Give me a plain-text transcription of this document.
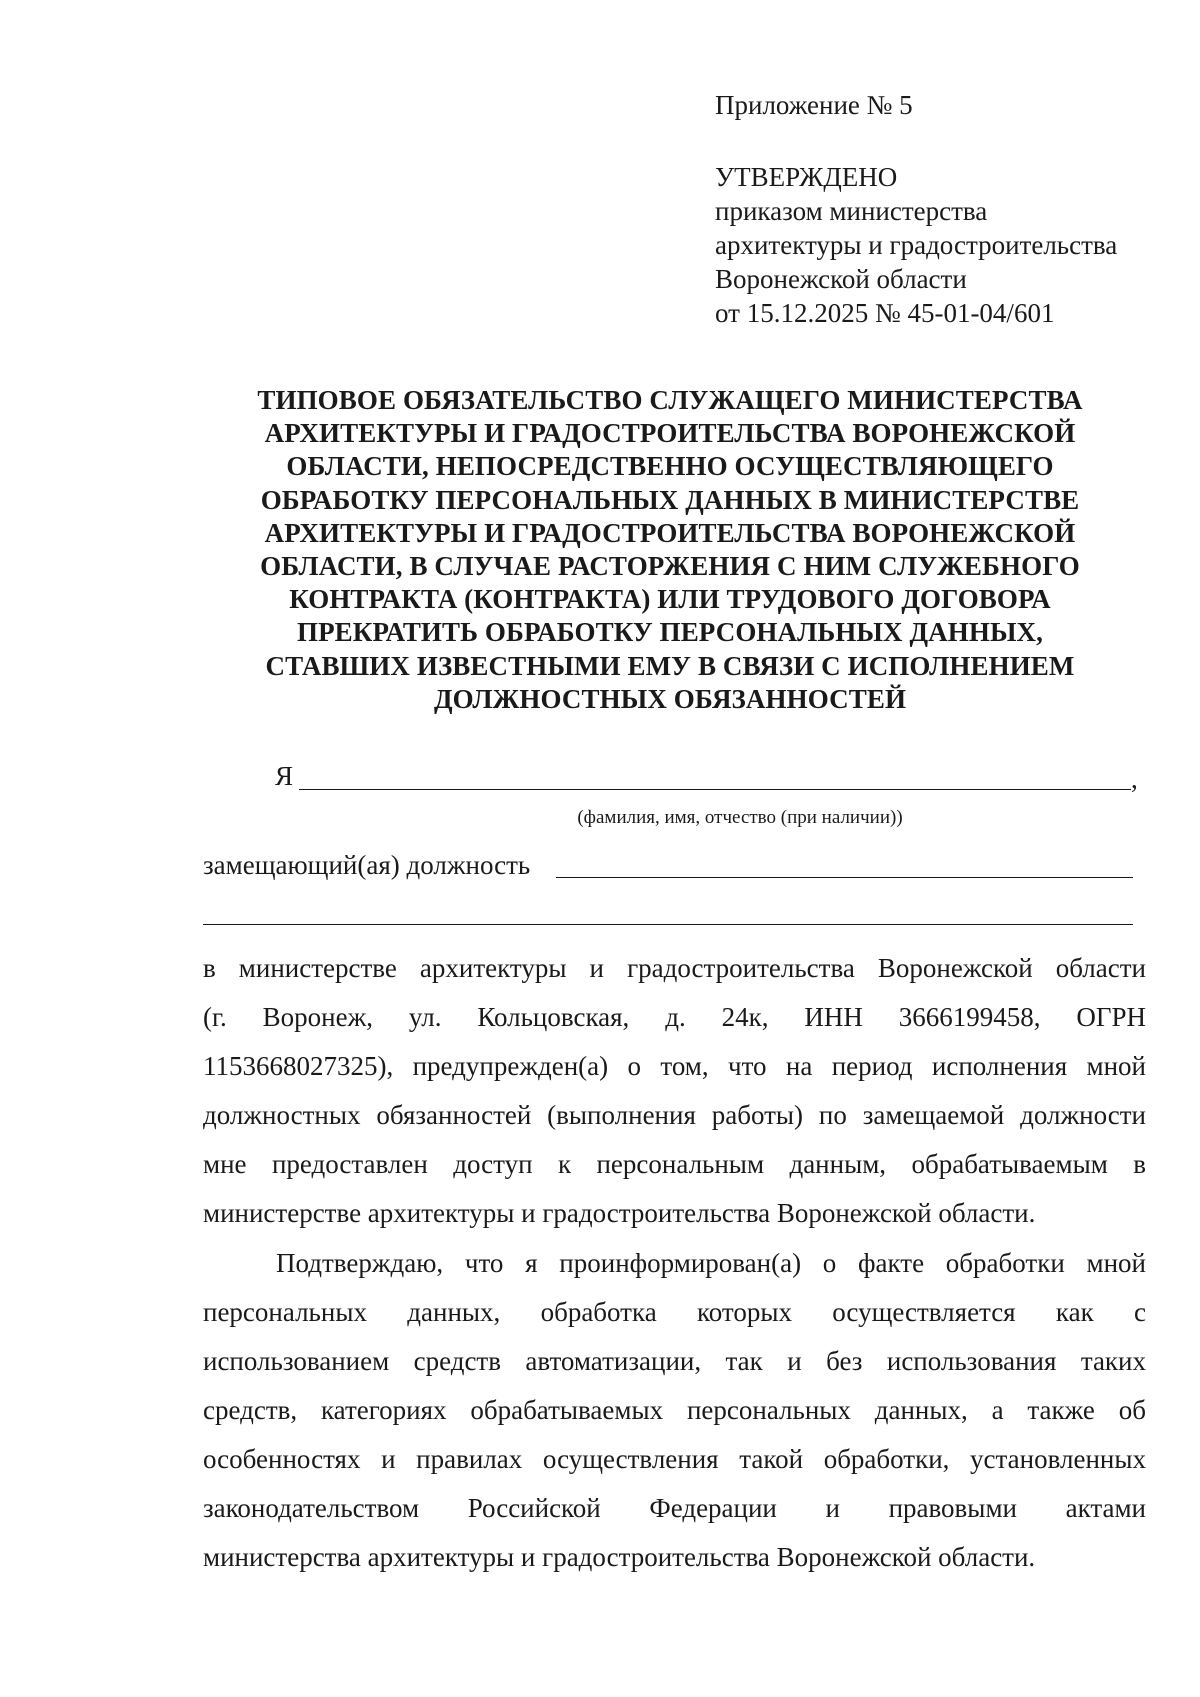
Приложение № 5
УТВЕРЖДЕНО
приказом министерства
архитектуры и градостроительства
Воронежской области
от 15.12.2025 № 45-01-04/601
ТИПОВОЕ ОБЯЗАТЕЛЬСТВО СЛУЖАЩЕГО МИНИСТЕРСТВА
АРХИТЕКТУРЫ И ГРАДОСТРОИТЕЛЬСТВА ВОРОНЕЖСКОЙ
ОБЛАСТИ, НЕПОСРЕДСТВЕННО ОСУЩЕСТВЛЯЮЩЕГО
ОБРАБОТКУ ПЕРСОНАЛЬНЫХ ДАННЫХ В МИНИСТЕРСТВЕ
АРХИТЕКТУРЫ И ГРАДОСТРОИТЕЛЬСТВА ВОРОНЕЖСКОЙ
ОБЛАСТИ, В СЛУЧАЕ РАСТОРЖЕНИЯ С НИМ СЛУЖЕБНОГО
КОНТРАКТА (КОНТРАКТА) ИЛИ ТРУДОВОГО ДОГОВОРА
ПРЕКРАТИТЬ ОБРАБОТКУ ПЕРСОНАЛЬНЫХ ДАННЫХ,
СТАВШИХ ИЗВЕСТНЫМИ ЕМУ В СВЯЗИ С ИСПОЛНЕНИЕМ
ДОЛЖНОСТНЫХ ОБЯЗАННОСТЕЙ
Я	,
(фамилия, имя, отчество (при наличии))
замещающий(ая) должность
в министерстве архитектуры и градостроительства Воронежской области
(г. Воронеж, ул. Кольцовская, д. 24к, ИНН 3666199458, ОГРН
1153668027325), предупрежден(а) о том, что на период исполнения мной
должностных обязанностей (выполнения работы) по замещаемой должности
мне предоставлен доступ к персональным данным, обрабатываемым в
министерстве архитектуры и градостроительства Воронежской области.
Подтверждаю, что я проинформирован(а) о факте обработки мной
персональных данных, обработка которых осуществляется как с
использованием средств автоматизации, так и без использования таких
средств, категориях обрабатываемых персональных данных, а также об
особенностях и правилах осуществления такой обработки, установленных
законодательством Российской Федерации и правовыми актами
министерства архитектуры и градостроительства Воронежской области.
